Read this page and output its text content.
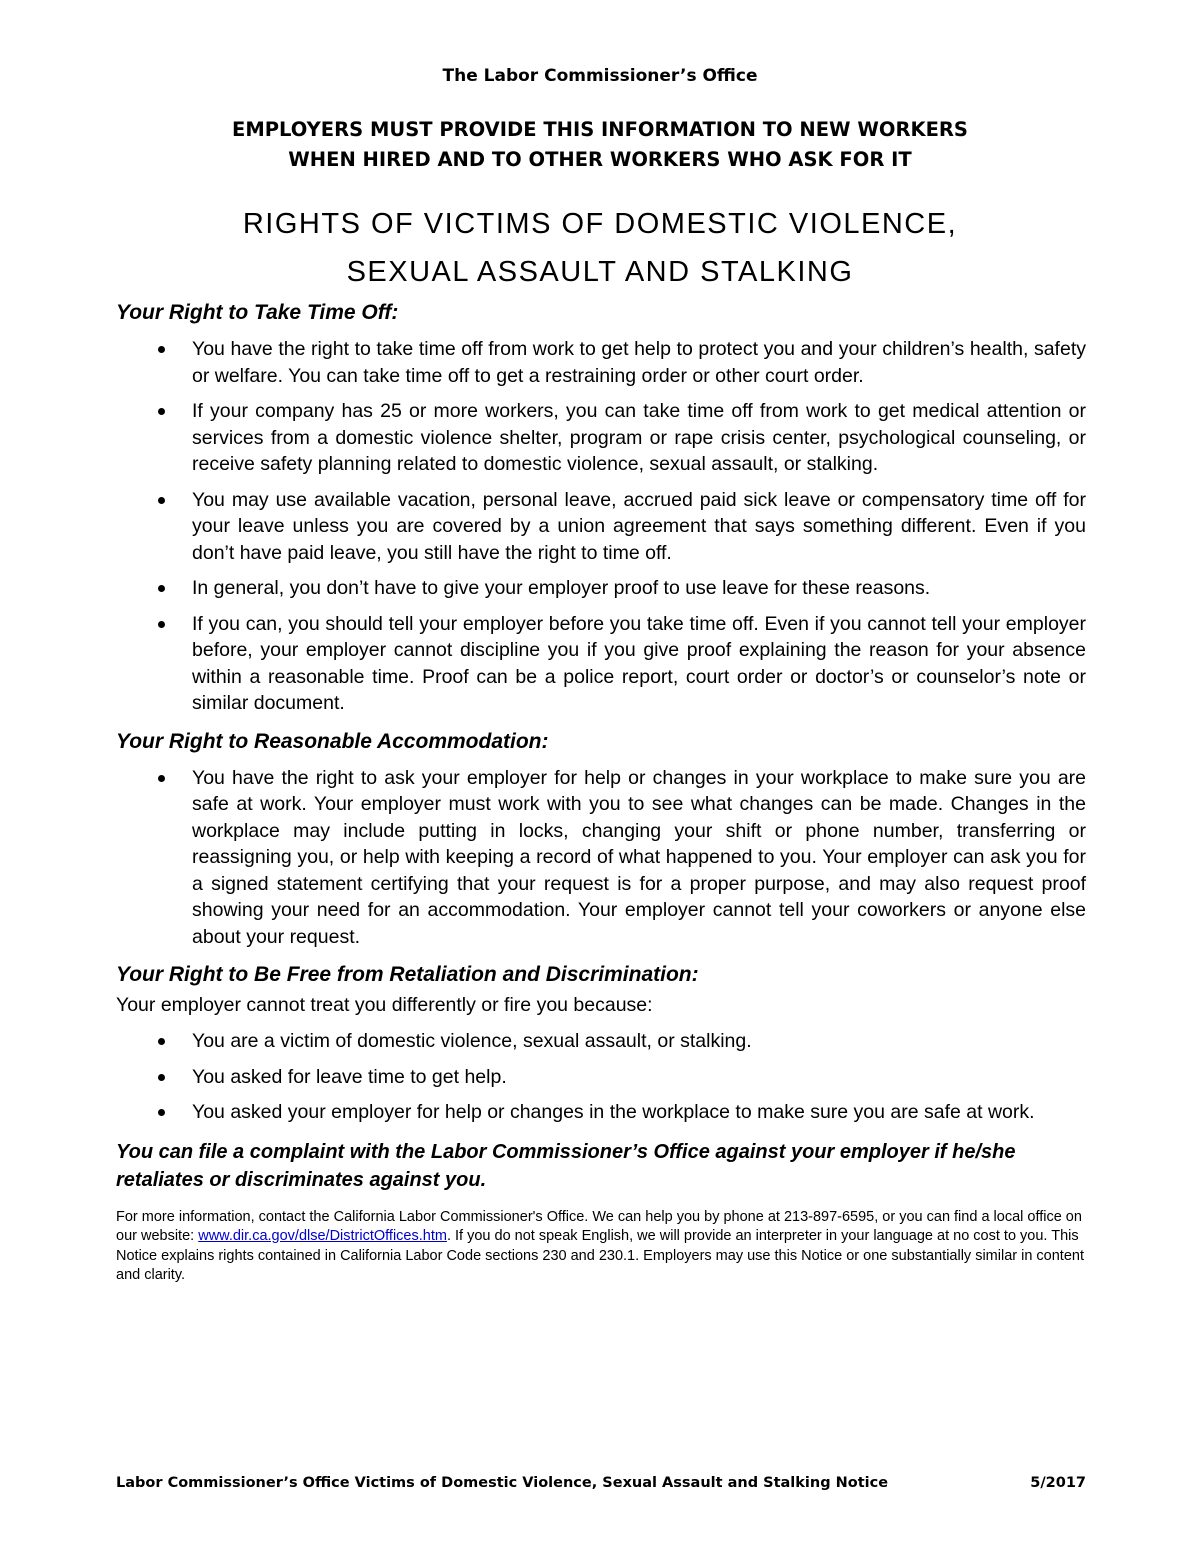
The Labor Commissioner’s Office
EMPLOYERS MUST PROVIDE THIS INFORMATION TO NEW WORKERS
WHEN HIRED AND TO OTHER WORKERS WHO ASK FOR IT
RIGHTS OF VICTIMS OF DOMESTIC VIOLENCE,
SEXUAL ASSAULT AND STALKING
Your Right to Take Time Off:
You have the right to take time off from work to get help to protect you and your children’s health, safety or welfare. You can take time off to get a restraining order or other court order.
If your company has 25 or more workers, you can take time off from work to get medical attention or services from a domestic violence shelter, program or rape crisis center, psychological counseling, or receive safety planning related to domestic violence, sexual assault, or stalking.
You may use available vacation, personal leave, accrued paid sick leave or compensatory time off for your leave unless you are covered by a union agreement that says something different. Even if you don’t have paid leave, you still have the right to time off.
In general, you don’t have to give your employer proof to use leave for these reasons.
If you can, you should tell your employer before you take time off. Even if you cannot tell your employer before, your employer cannot discipline you if you give proof explaining the reason for your absence within a reasonable time. Proof can be a police report, court order or doctor’s or counselor’s note or similar document.
Your Right to Reasonable Accommodation:
You have the right to ask your employer for help or changes in your workplace to make sure you are safe at work. Your employer must work with you to see what changes can be made. Changes in the workplace may include putting in locks, changing your shift or phone number, transferring or reassigning you, or help with keeping a record of what happened to you. Your employer can ask you for a signed statement certifying that your request is for a proper purpose, and may also request proof showing your need for an accommodation. Your employer cannot tell your coworkers or anyone else about your request.
Your Right to Be Free from Retaliation and Discrimination:
Your employer cannot treat you differently or fire you because:
You are a victim of domestic violence, sexual assault, or stalking.
You asked for leave time to get help.
You asked your employer for help or changes in the workplace to make sure you are safe at work.
You can file a complaint with the Labor Commissioner’s Office against your employer if he/she retaliates or discriminates against you.

For more information, contact the California Labor Commissioner's Office. We can help you by phone at 213-897-6595, or you can find a local office on our website: www.dir.ca.gov/dlse/DistrictOffices.htm. If you do not speak English, we will provide an interpreter in your language at no cost to you. This Notice explains rights contained in California Labor Code sections 230 and 230.1. Employers may use this Notice or one substantially similar in content and clarity.

Labor Commissioner’s Office Victims of Domestic Violence, Sexual Assault and Stalking Notice	5/2017
